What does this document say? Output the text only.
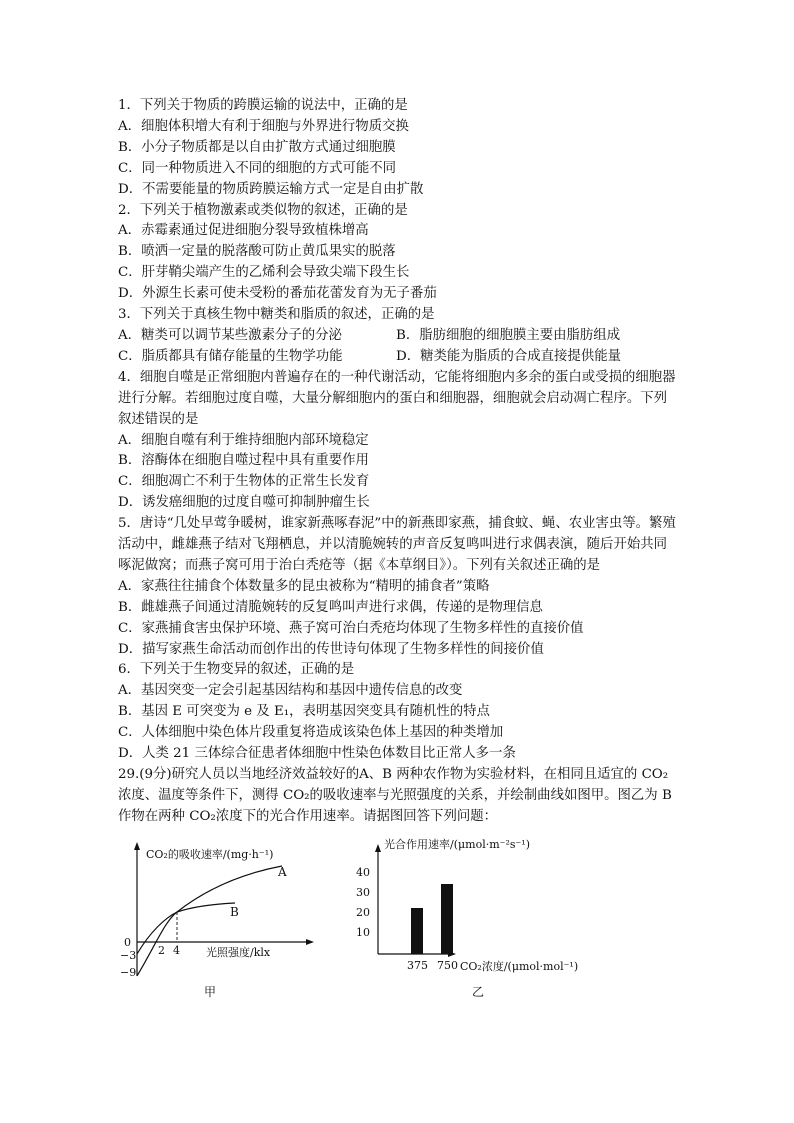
1．下列关于物质的跨膜运输的说法中，正确的是
A．细胞体积增大有利于细胞与外界进行物质交换
B．小分子物质都是以自由扩散方式通过细胞膜
C．同一种物质进入不同的细胞的方式可能不同
D．不需要能量的物质跨膜运输方式一定是自由扩散
2．下列关于植物激素或类似物的叙述，正确的是
A．赤霉素通过促进细胞分裂导致植株增高
B．喷洒一定量的脱落酸可防止黄瓜果实的脱落
C．肝芽鞘尖端产生的乙烯利会导致尖端下段生长
D．外源生长素可使未受粉的番茄花蕾发育为无子番茄
3．下列关于真核生物中糖类和脂质的叙述，正确的是
A．糖类可以调节某些激素分子的分泌	B．脂肪细胞的细胞膜主要由脂肪组成
C．脂质都具有储存能量的生物学功能	D．糖类能为脂质的合成直接提供能量
4．细胞自噬是正常细胞内普遍存在的一种代谢活动，它能将细胞内多余的蛋白或受损的细胞器进行分解。若细胞过度自噬，大量分解细胞内的蛋白和细胞器，细胞就会启动凋亡程序。下列叙述错误的是
A．细胞自噬有利于维持细胞内部环境稳定
B．溶酶体在细胞自噬过程中具有重要作用
C．细胞凋亡不利于生物体的正常生长发育
D．诱发癌细胞的过度自噬可抑制肿瘤生长
5．唐诗“几处早莺争暖树，谁家新燕啄春泥”中的新燕即家燕，捕食蚊、蝇、农业害虫等。繁殖活动中，雌雄燕子结对飞翔栖息，并以清脆婉转的声音反复鸣叫进行求偶表演，随后开始共同啄泥做窝；而燕子窝可用于治白秃疮等（据《本草纲目》）。下列有关叙述正确的是
A．家燕往往捕食个体数量多的昆虫被称为“精明的捕食者”策略
B．雌雄燕子间通过清脆婉转的反复鸣叫声进行求偶，传递的是物理信息
C．家燕捕食害虫保护环境、燕子窝可治白秃疮均体现了生物多样性的直接价值
D．描写家燕生命活动而创作出的传世诗句体现了生物多样性的间接价值
6．下列关于生物变异的叙述，正确的是
A．基因突变一定会引起基因结构和基因中遗传信息的改变
B．基因 E 可突变为 e 及 E₁，表明基因突变具有随机性的特点
C．人体细胞中染色体片段重复将造成该染色体上基因的种类增加
D．人类 21 三体综合征患者体细胞中性染色体数目比正常人多一条
29.(9分)研究人员以当地经济效益较好的A、B 两种农作物为实验材料，在相同且适宜的 CO₂浓度、温度等条件下，测得 CO₂的吸收速率与光照强度的关系，并绘制曲线如图甲。图乙为 B 作物在两种 CO₂浓度下的光合作用速率。请据图回答下列问题：
CO₂的吸收速率/(mg·h⁻¹)
光照强度/klx
0
−3
−9
2 4
A
B
甲
光合作用速率/(μmol·m⁻²s⁻¹)
CO₂浓度/(μmol·mol⁻¹)
40
30
20
10
乙
375 750
